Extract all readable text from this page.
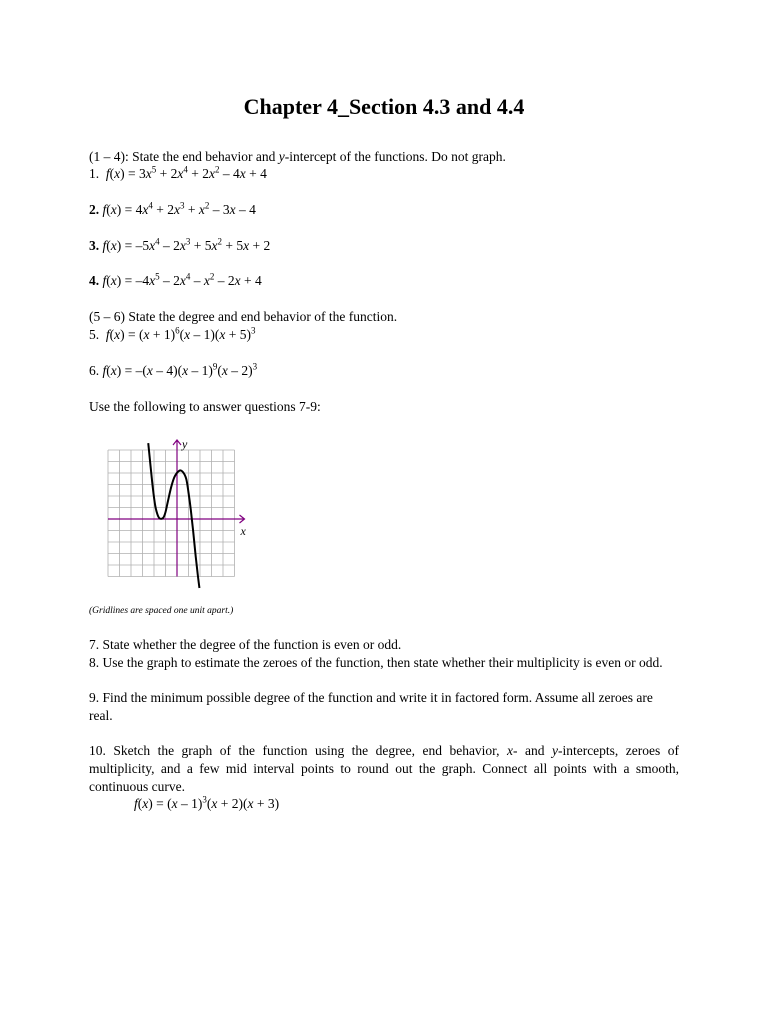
Chapter 4_Section 4.3 and 4.4
(1 – 4): State the end behavior and y-intercept of the functions. Do not graph.
1. $f(x) = 3x^5 + 2x^4 + 2x^2 - 4x + 4$
2. $f(x) = 4x^4 + 2x^3 + x^2 - 3x - 4$
3. $f(x) = -5x^4 - 2x^3 + 5x^2 + 5x + 2$
4. $f(x) = -4x^5 - 2x^4 - x^2 - 2x + 4$
(5 – 6) State the degree and end behavior of the function.
5. $f(x) = (x + 1)^6(x - 1)(x + 5)^3$
6. f(x) = –(x – 4)(x – 1)$^9$(x – 2)$^3$
Use the following to answer questions 7-9:
x
y
(Gridlines are spaced one unit apart.)
7. State whether the degree of the function is even or odd.
8. Use the graph to estimate the zeroes of the function, then state whether their multiplicity is even or odd.
9. Find the minimum possible degree of the function and write it in factored form. Assume all zeroes are real.
10. Sketch the graph of the function using the degree, end behavior, x- and y-intercepts, zeroes of multiplicity, and a few mid interval points to round out the graph. Connect all points with a smooth, continuous curve.
f(x) = (x – 1)$^3$(x + 2)(x + 3)
